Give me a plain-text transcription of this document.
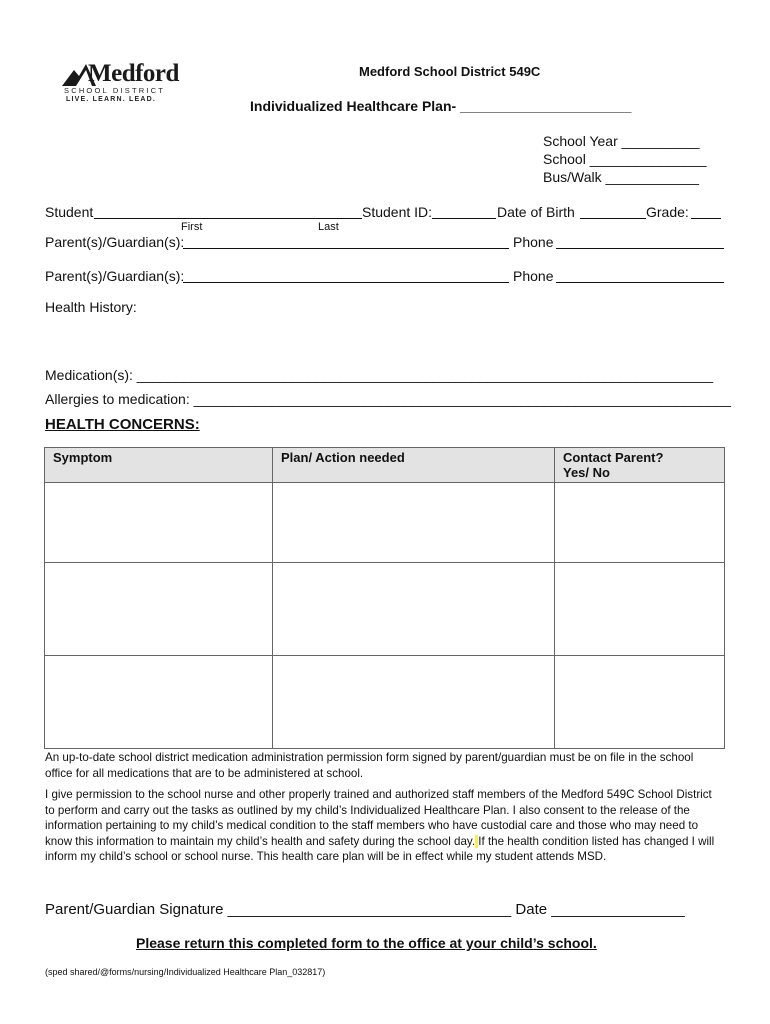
Medford
SCHOOL DISTRICT
LIVE. LEARN. LEAD.
Medford School District 549C
Individualized Healthcare Plan- ______________________
School Year __________
School _______________
Bus/Walk ____________
Student	Student ID:	Date of Birth	Grade:
First	Last
Parent(s)/Guardian(s):	Phone
Parent(s)/Guardian(s):	Phone
Health History:
Medication(s): __________________________________________________________________________
Allergies to medication: _____________________________________________________________________
HEALTH CONCERNS:
Symptom	Plan/ Action needed	Contact Parent?
Yes/ No

An up-to-date school district medication administration permission form signed by parent/guardian must be on file in the school office for all medications that are to be administered at school.
I give permission to the school nurse and other properly trained and authorized staff members of the Medford 549C School District to perform and carry out the tasks as outlined by my child’s Individualized Healthcare Plan. I also consent to the release of the information pertaining to my child’s medical condition to the staff members who have custodial care and those who may need to know this information to maintain my child’s health and safety during the school day. If the health condition listed has changed I will inform my child’s school or school nurse. This health care plan will be in effect while my student attends MSD.
Parent/Guardian Signature __________________________________ Date ________________
Please return this completed form to the office at your child’s school.
(sped shared/@forms/nursing/Individualized Healthcare Plan_032817)
